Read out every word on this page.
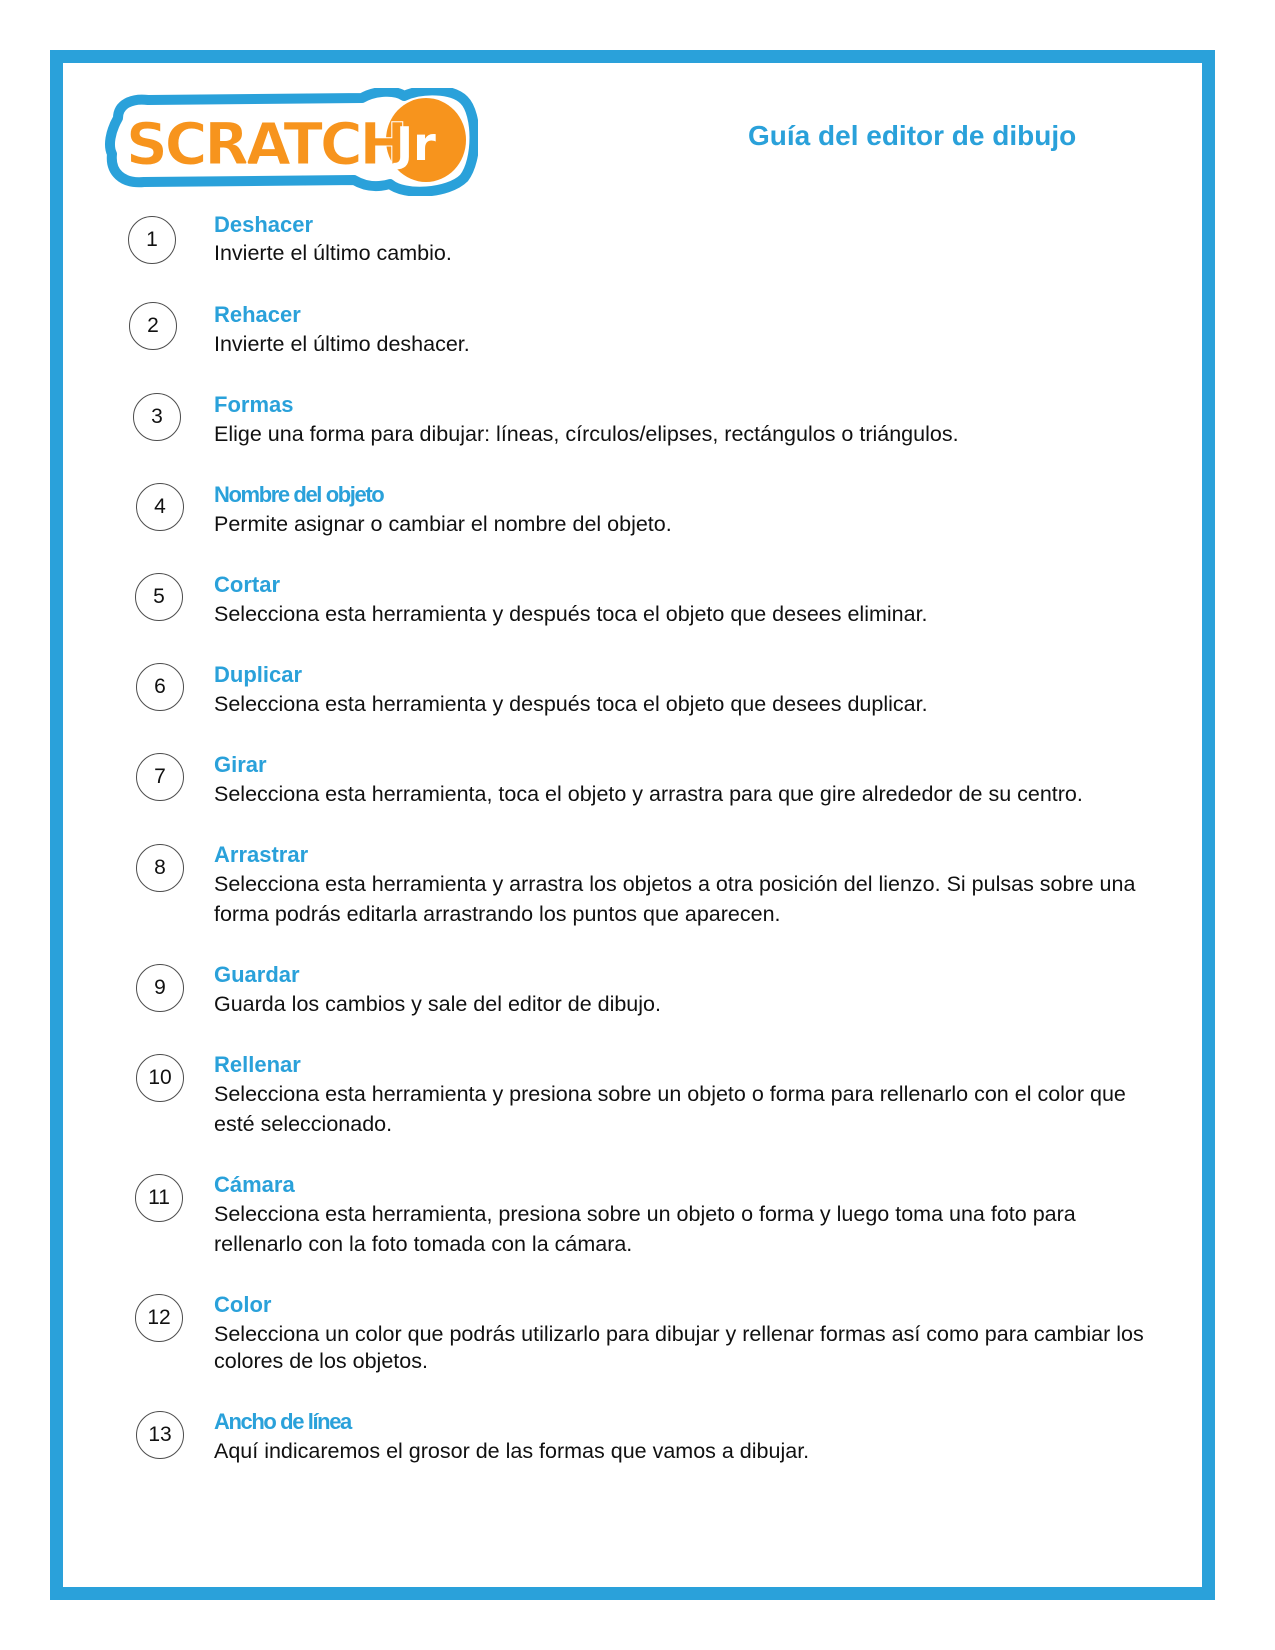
SCRATCH
Jr	Guía del editor de dibujo
1
Deshacer
Invierte el último cambio.
2	Rehacer
Invierte el último deshacer.
3	Formas
Elige una forma para dibujar: líneas, círculos/elipses, rectángulos o triángulos.
4	Nombre del objeto
Permite asignar o cambiar el nombre del objeto.
5	Cortar
Selecciona esta herramienta y después toca el objeto que desees eliminar.
6	Duplicar
Selecciona esta herramienta y después toca el objeto que desees duplicar.
7	Girar
Selecciona esta herramienta, toca el objeto y arrastra para que gire alrededor de su centro.
8
Arrastrar
Selecciona esta herramienta y arrastra los objetos a otra posición del lienzo. Si pulsas sobre una forma podrás editarla arrastrando los puntos que aparecen.
9
Guardar
Guarda los cambios y sale del editor de dibujo.
10
Rellenar
Selecciona esta herramienta y presiona sobre un objeto o forma para rellenarlo con el color que esté seleccionado.
11
Cámara
Selecciona esta herramienta, presiona sobre un objeto o forma y luego toma una foto para rellenarlo con la foto tomada con la cámara.
12
Color
Selecciona un color que podrás utilizarlo para dibujar y rellenar formas así como para cambiar los colores de los objetos.
13
Ancho de línea
Aquí indicaremos el grosor de las formas que vamos a dibujar.
